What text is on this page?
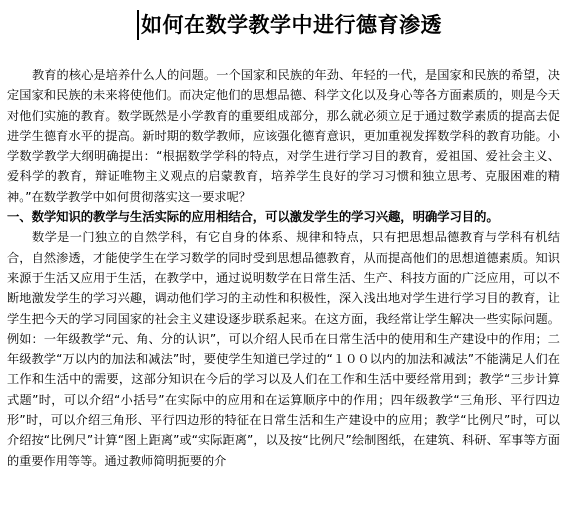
如何在数学教学中进行德育渗透

教育的核心是培养什么人的问题。一个国家和民族的年劲、年轻的一代，是国家和民族的希望，决定国家和民族的未来将使他们。而决定他们的思想品德、科学文化以及身心等各方面素质的，则是今天对他们实施的教育。数学既然是小学教育的重要组成部分，那么就必须立足于通过数学素质的提高去促进学生德育水平的提高。新时期的数学教师，应该强化德育意识，更加重视发挥数学科的教育功能。小学数学教学大纲明确提出：“根据数学学科的特点，对学生进行学习目的教育，爱祖国、爱社会主义、爱科学的教育，辩证唯物主义观点的启蒙教育，培养学生良好的学习习惯和独立思考、克服困难的精神。”在数学教学中如何贯彻落实这一要求呢？

一、数学知识的教学与生活实际的应用相结合，可以激发学生的学习兴趣，明确学习目的。

数学是一门独立的自然学科，有它自身的体系、规律和特点，只有把思想品德教育与学科有机结合，自然渗透，才能使学生在学习数学的同时受到思想品德教育，从而提高他们的思想道德素质。知识来源于生活又应用于生活，在教学中，通过说明数学在日常生活、生产、科技方面的广泛应用，可以不断地激发学生的学习兴趣，调动他们学习的主动性和积极性，深入浅出地对学生进行学习目的教育，让学生把今天的学习同国家的社会主义建设逐步联系起来。在这方面，我经常让学生解决一些实际问题。例如：一年级教学“元、角、分的认识”，可以介绍人民币在日常生活中的使用和生产建设中的作用；二年级教学“万以内的加法和减法”时，要使学生知道已学过的“１００以内的加法和减法”不能满足人们在工作和生活中的需要，这部分知识在今后的学习以及人们在工作和生活中要经常用到；教学“三步计算式题”时，可以介绍“小括号”在实际中的应用和在运算顺序中的作用；四年级教学“三角形、平行四边形”时，可以介绍三角形、平行四边形的特征在日常生活和生产建设中的应用；教学“比例尺”时，可以介绍按“比例尺”计算“图上距离”或“实际距离”，以及按“比例尺”绘制图纸，在建筑、科研、军事等方面的重要作用等等。通过教师简明扼要的介
